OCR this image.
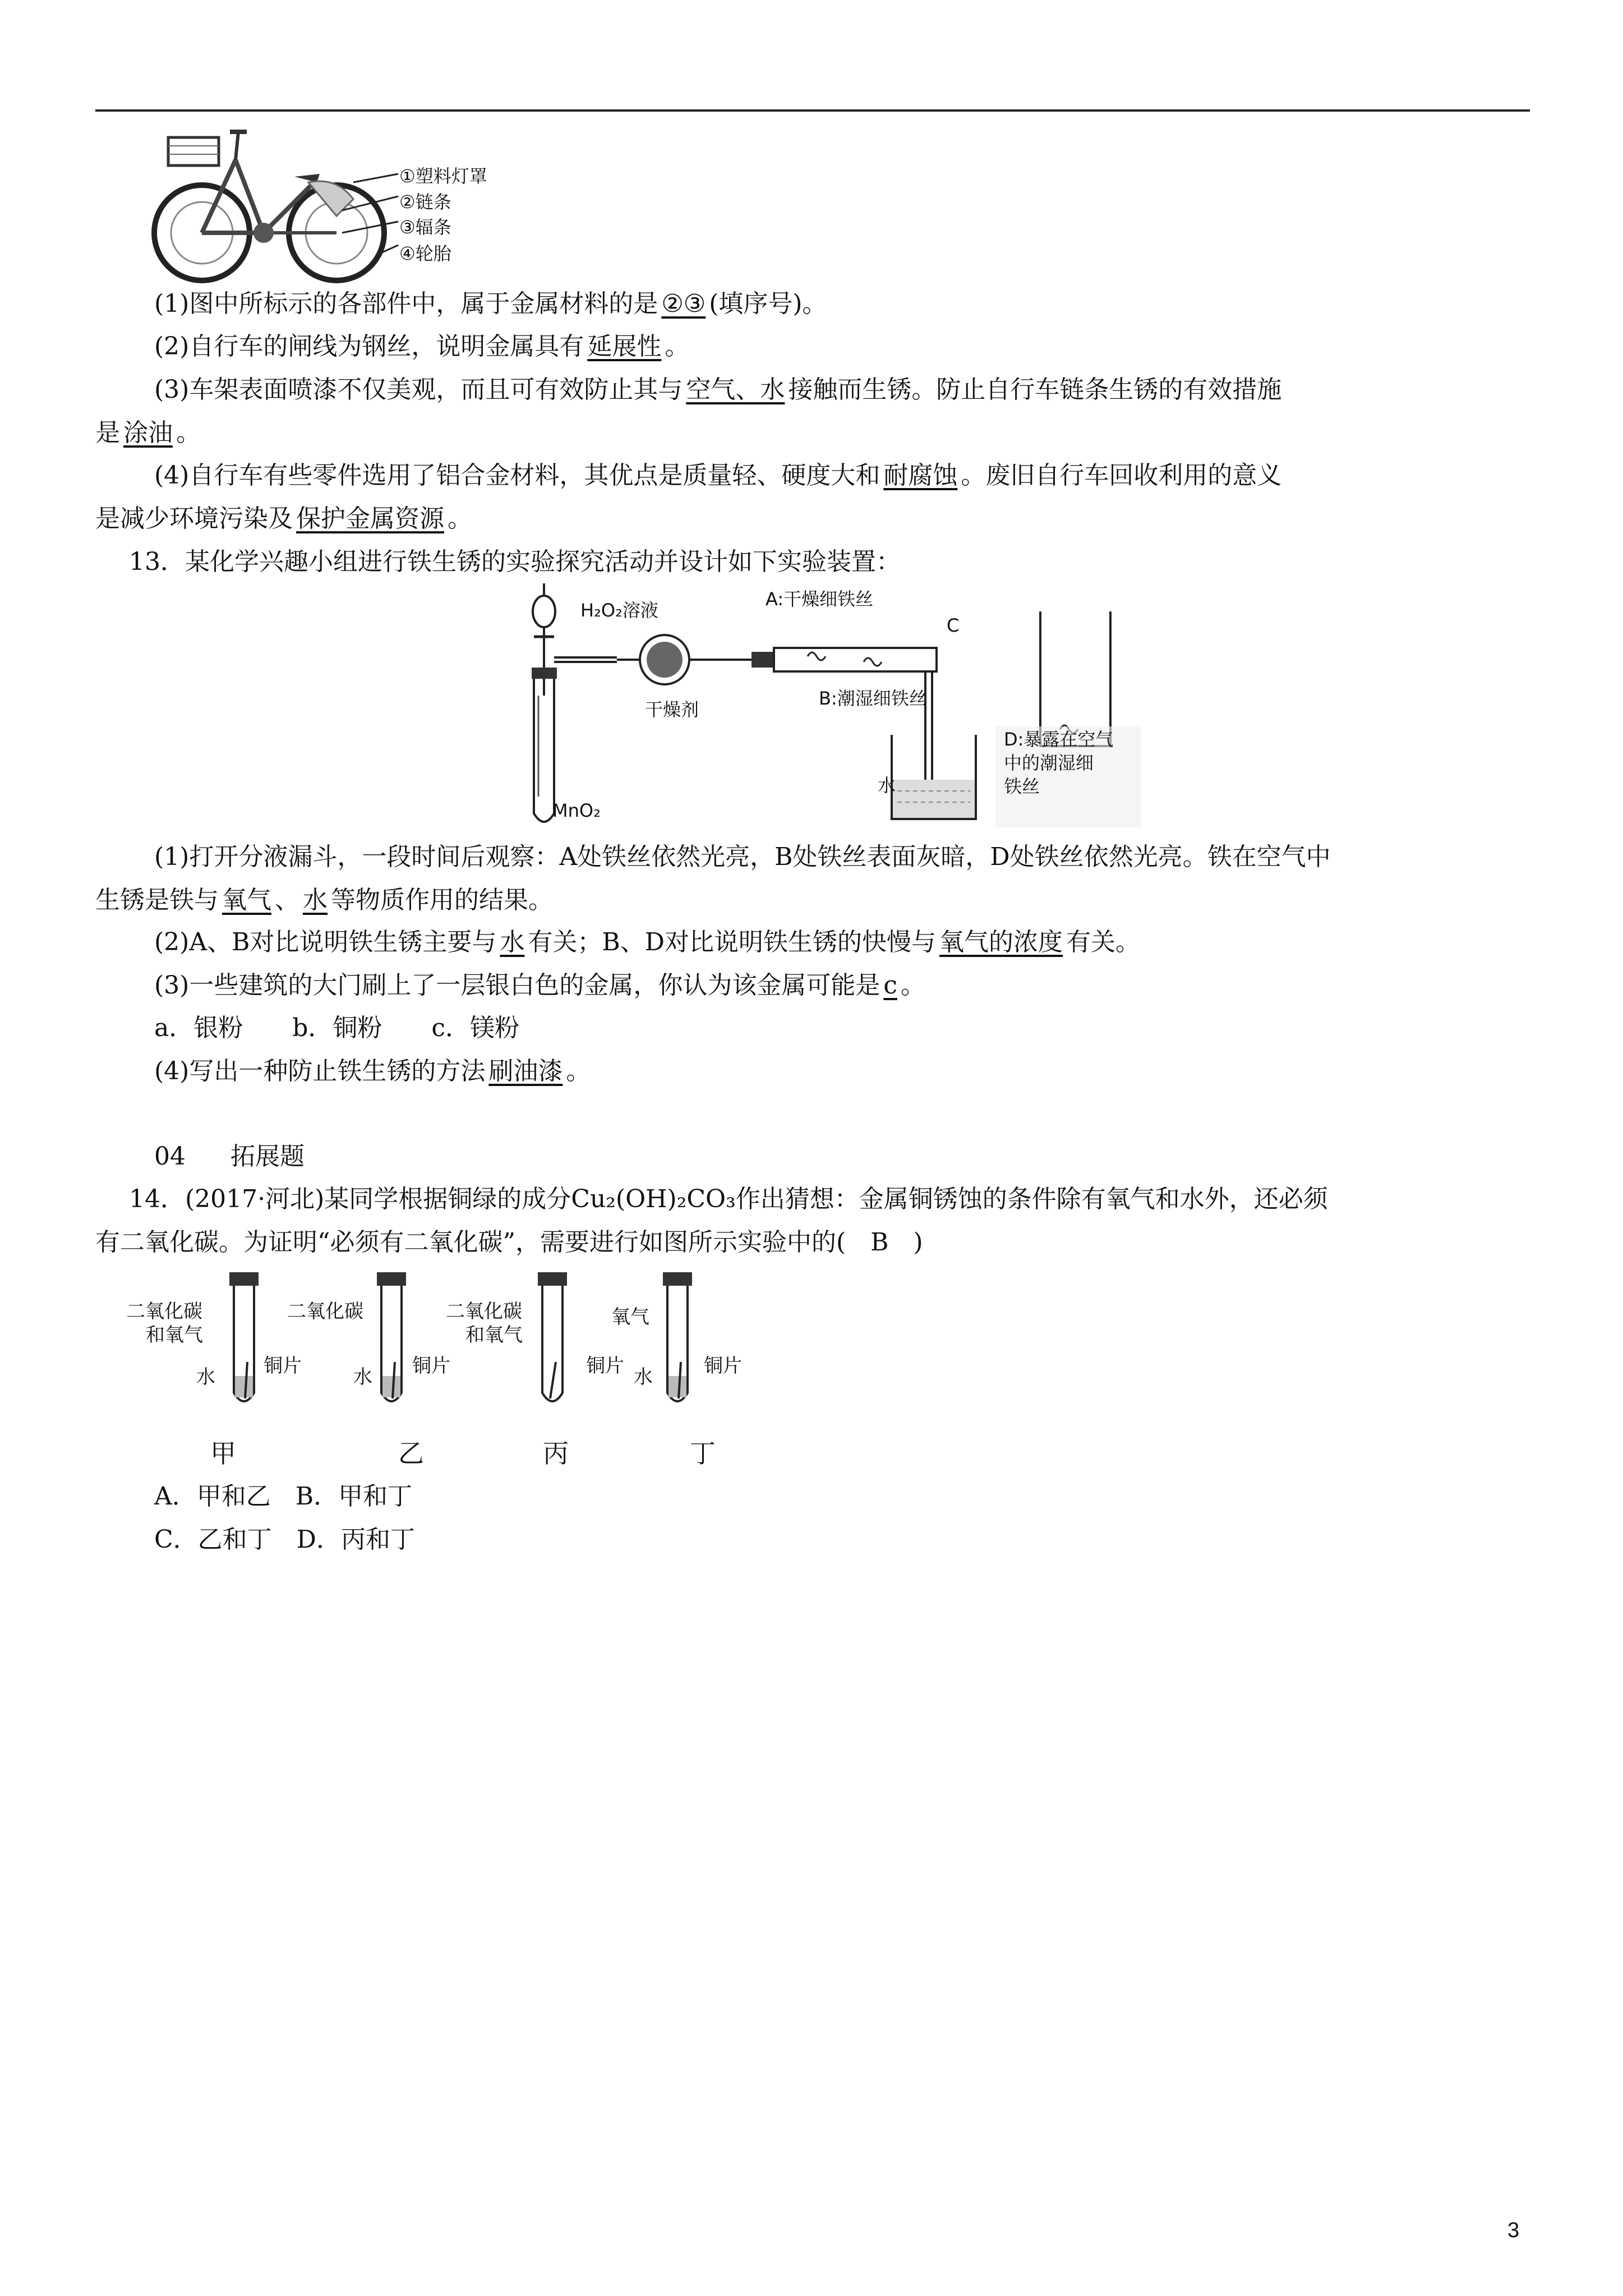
①塑料灯罩
②链条
③辐条
④轮胎
(1)图中所标示的各部件中，属于金属材料的是 ②③ (填序号)。
(2)自行车的闸线为钢丝，说明金属具有 延展性 。
(3)车架表面喷漆不仅美观，而且可有效防止其与 空气、水 接触而生锈。防止自行车链条生锈的有效措施
是 涂油 。
(4)自行车有些零件选用了铝合金材料，其优点是质量轻、硬度大和 耐腐蚀 。废旧自行车回收利用的意义
是减少环境污染及 保护金属资源 。
13．某化学兴趣小组进行铁生锈的实验探究活动并设计如下实验装置：
H₂O₂溶液
A:干燥细铁丝
C
B:潮湿细铁丝
干燥剂
水
MnO₂
D:暴露在空气
中的潮湿细
铁丝
(1)打开分液漏斗，一段时间后观察：A处铁丝依然光亮，B处铁丝表面灰暗，D处铁丝依然光亮。铁在空气中
生锈是铁与 氧气 、 水 等物质作用的结果。
(2)A、B对比说明铁生锈主要与 水 有关；B、D对比说明铁生锈的快慢与 氧气的浓度 有关。
(3)一些建筑的大门刷上了一层银白色的金属，你认为该金属可能是 c 。
a．银粉　　b．铜粉　　c．镁粉
(4)写出一种防止铁生锈的方法 刷油漆 。
04 拓展题
14．(2017·河北)某同学根据铜绿的成分Cu₂(OH)₂CO₃作出猜想：金属铜锈蚀的条件除有氧气和水外，还必须
有二氧化碳。为证明“必须有二氧化碳”，需要进行如图所示实验中的(　B　)
二氧化碳
和氧气
水	铜片
二氧化碳
水 铜片
二氧化碳
和氧气
铜片
氧气
水	铜片
甲	乙	丙	丁
A．甲和乙　B．甲和丁
C．乙和丁　D．丙和丁
3
